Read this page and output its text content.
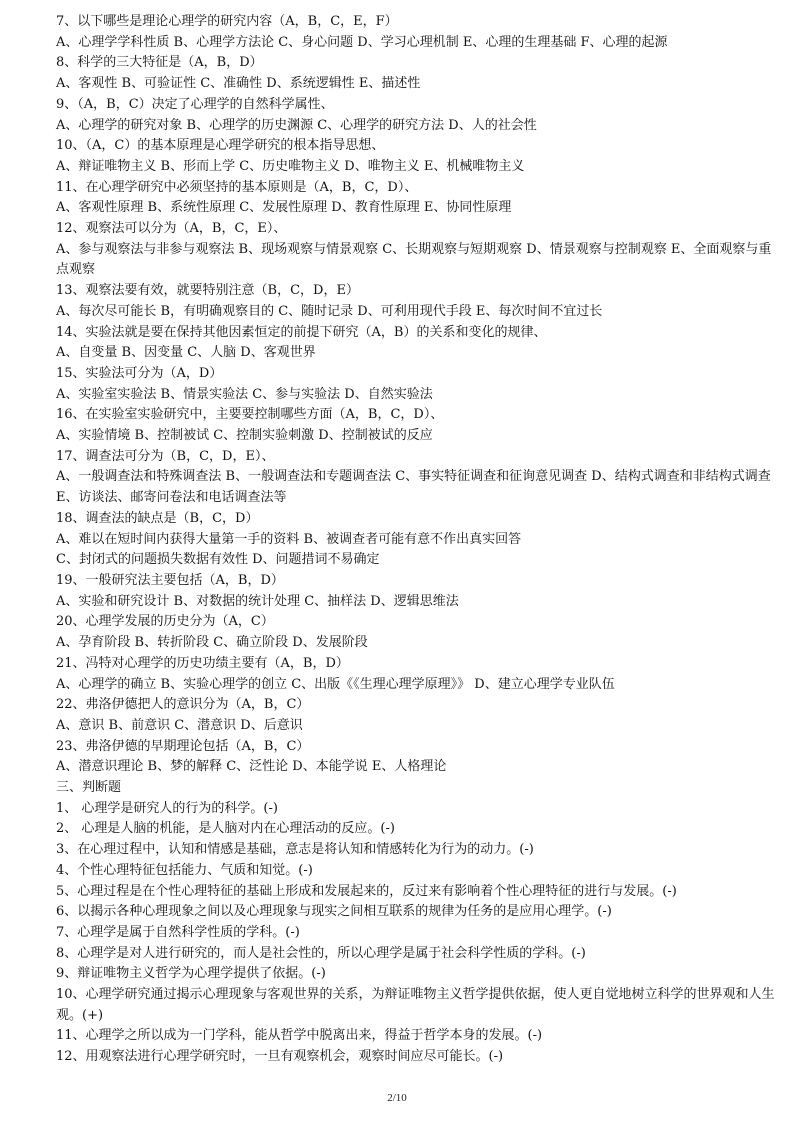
7、以下哪些是理论心理学的研究内容（A，B，C，E，F）

A、心理学学科性质 B、心理学方法论 C、身心问题 D、学习心理机制 E、心理的生理基础 F、心理的起源

8、科学的三大特征是（A，B，D）

A、客观性 B、可验证性 C、准确性 D、系统逻辑性 E、描述性

9、（A，B，C）决定了心理学的自然科学属性、

A、心理学的研究对象 B、心理学的历史渊源 C、心理学的研究方法 D、人的社会性

10、（A，C）的基本原理是心理学研究的根本指导思想、

A、辩证唯物主义 B、形而上学 C、历史唯物主义 D、唯物主义 E、机械唯物主义

11、在心理学研究中必须坚持的基本原则是（A，B，C，D）、

A、客观性原理 B、系统性原理 C、发展性原理 D、教育性原理 E、协同性原理

12、观察法可以分为（A，B，C，E）、

A、参与观察法与非参与观察法 B、现场观察与情景观察 C、长期观察与短期观察 D、情景观察与控制观察 E、全面观察与重点观察

13、观察法要有效，就要特别注意（B，C，D，E）

A、每次尽可能长 B，有明确观察目的 C、随时记录 D、可利用现代手段 E、每次时间不宜过长

14、实验法就是要在保持其他因素恒定的前提下研究（A，B）的关系和变化的规律、

A、自变量 B、因变量 C、人脑 D、客观世界

15、实验法可分为（A，D）

A、实验室实验法 B、情景实验法 C、参与实验法 D、自然实验法

16、在实验室实验研究中，主要要控制哪些方面（A，B，C，D）、

A、实验情境 B、控制被试 C、控制实验刺激 D、控制被试的反应

17、调查法可分为（B，C，D，E）、

A、一般调查法和特殊调查法 B、一般调查法和专题调查法 C、事实特征调查和征询意见调查 D、结构式调查和非结构式调查 E、访谈法、邮寄问卷法和电话调查法等

18、调查法的缺点是（B，C，D）

A、难以在短时间内获得大量第一手的资料 B、被调查者可能有意不作出真实回答

C、封闭式的问题损失数据有效性 D、问题措词不易确定

19、一般研究法主要包括（A，B，D）

A、实验和研究设计 B、对数据的统计处理 C、抽样法 D、逻辑思维法

20、心理学发展的历史分为（A，C）

A、孕育阶段 B、转折阶段 C、确立阶段 D、发展阶段

21、冯特对心理学的历史功绩主要有（A，B，D）

A、心理学的确立 B、实验心理学的创立 C、出版《《生理心理学原理》》 D、建立心理学专业队伍

22、弗洛伊德把人的意识分为（A，B，C）

A、意识 B、前意识 C、潜意识 D、后意识

23、弗洛伊德的早期理论包括（A，B，C）

A、潜意识理论 B、梦的解释 C、泛性论 D、本能学说 E、人格理论

三、判断题

1、 心理学是研究人的行为的科学。(-)

2、 心理是人脑的机能，是人脑对内在心理活动的反应。(-)

3、在心理过程中，认知和情感是基础，意志是将认知和情感转化为行为的动力。(-)

4、个性心理特征包括能力、气质和知觉。(-)

5、心理过程是在个性心理特征的基础上形成和发展起来的，反过来有影响着个性心理特征的进行与发展。(-)

6、以揭示各种心理现象之间以及心理现象与现实之间相互联系的规律为任务的是应用心理学。(-)

7、心理学是属于自然科学性质的学科。(-)

8、心理学是对人进行研究的，而人是社会性的，所以心理学是属于社会科学性质的学科。(-)

9、辩证唯物主义哲学为心理学提供了依据。(-)

10、心理学研究通过揭示心理现象与客观世界的关系，为辩证唯物主义哲学提供依据，使人更自觉地树立科学的世界观和人生观。(+)

11、心理学之所以成为一门学科，能从哲学中脱离出来，得益于哲学本身的发展。(-)

12、用观察法进行心理学研究时，一旦有观察机会，观察时间应尽可能长。(-)

2/10
